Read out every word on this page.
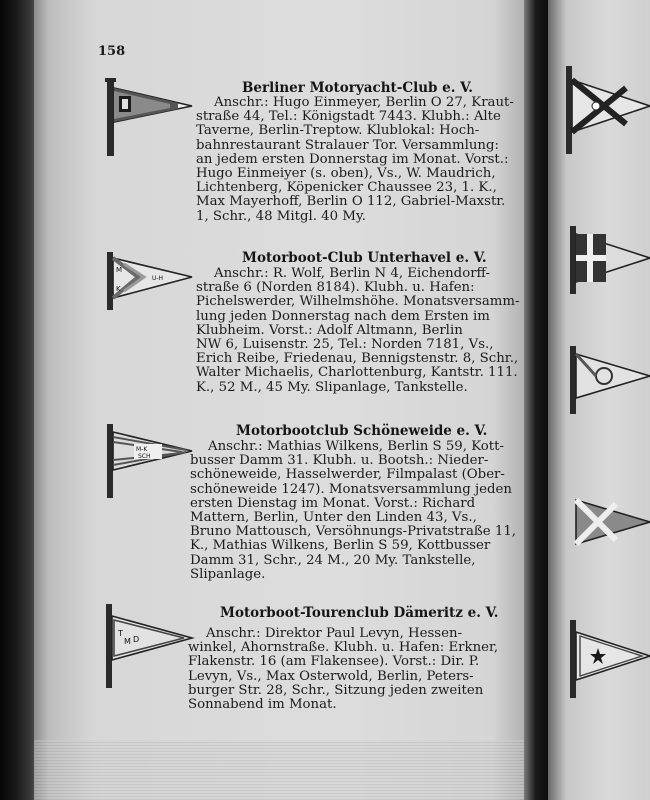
158
Berliner Motoryacht-Club e. V.
Anschr.: Hugo Einmeyer, Berlin O 27, Kraut-
straße 44, Tel.: Königstadt 7443. Klubh.: Alte
Taverne, Berlin-Treptow. Klublokal: Hoch-
bahnrestaurant Stralauer Tor. Versammlung:
an jedem ersten Donnerstag im Monat. Vorst.:
Hugo Einmeiyer (s. oben), Vs., W. Maudrich,
Lichtenberg, Köpenicker Chaussee 23, 1. K.,
Max Mayerhoff, Berlin O 112, Gabriel-Maxstr.
1, Schr., 48 Mitgl. 40 My.
M
K
U-H
Motorboot-Club Unterhavel e. V.
Anschr.: R. Wolf, Berlin N 4, Eichendorff-
straße 6 (Norden 8184). Klubh. u. Hafen:
Pichelswerder, Wilhelmshöhe. Monatsversamm-
lung jeden Donnerstag nach dem Ersten im
Klubheim. Vorst.: Adolf Altmann, Berlin
NW 6, Luisenstr. 25, Tel.: Norden 7181, Vs.,
Erich Reibe, Friedenau, Bennigstenstr. 8, Schr.,
Walter Michaelis, Charlottenburg, Kantstr. 111.
K., 52 M., 45 My. Slipanlage, Tankstelle.
M-K
SCH
Motorbootclub Schöneweide e. V.
Anschr.: Mathias Wilkens, Berlin S 59, Kott-
busser Damm 31. Klubh. u. Bootsh.: Nieder-
schöneweide, Hasselwerder, Filmpalast (Ober-
schöneweide 1247). Monatsversammlung jeden
ersten Dienstag im Monat. Vorst.: Richard
Mattern, Berlin, Unter den Linden 43, Vs.,
Bruno Mattousch, Versöhnungs-Privatstraße 11,
K., Mathias Wilkens, Berlin S 59, Kottbusser
Damm 31, Schr., 24 M., 20 My. Tankstelle,
Slipanlage.
T
M D
Motorboot-Tourenclub Dämeritz e. V.
Anschr.: Direktor Paul Levyn, Hessen-
winkel, Ahornstraße. Klubh. u. Hafen: Erkner,
Flakenstr. 16 (am Flakensee). Vorst.: Dir. P.
Levyn, Vs., Max Osterwold, Berlin, Peters-
burger Str. 28, Schr., Sitzung jeden zweiten
Sonnabend im Monat.
